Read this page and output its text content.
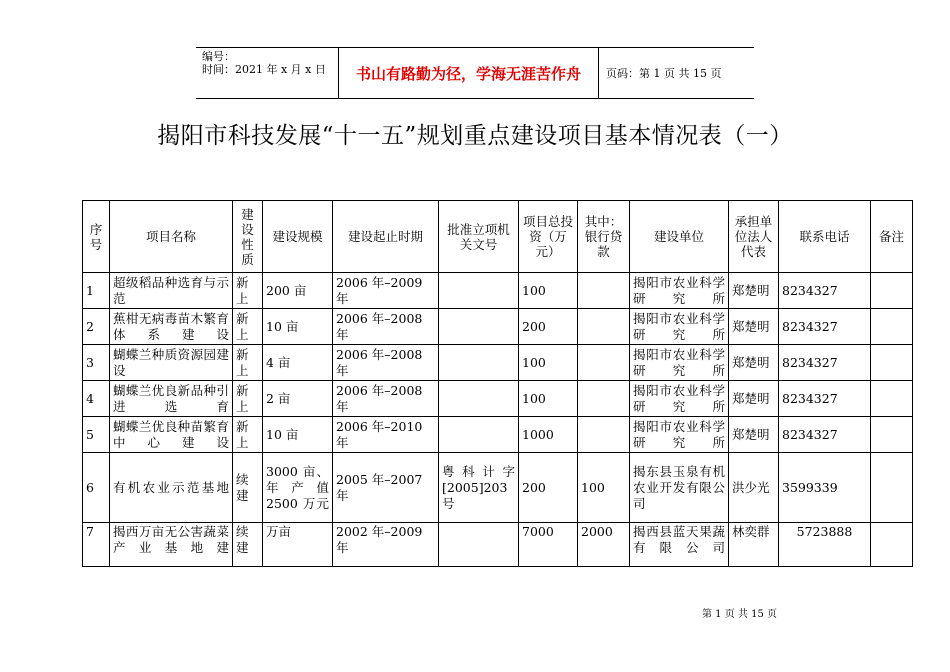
编号：
时间：2021 年 x 月 x 日	书山有路勤为径，学海无涯苦作舟	页码：第 1 页 共 15 页
揭阳市科技发展“十一五”规划重点建设项目基本情况表（一）
序号	项目名称	建设性质	建设规模	建设起止时期	批准立项机关文号	项目总投资（万元）	其中：银行贷款	建设单位	承担单位法人代表	联系电话	备注
1	超级稻品种选育与示范	新上	200 亩	2006 年–2009 年		100		揭阳市农业科学研究所	郑楚明	8234327	
2	蕉柑无病毒苗木繁育体系建设	新上	10 亩	2006 年–2008 年		200		揭阳市农业科学研究所	郑楚明	8234327	
3	蝴蝶兰种质资源园建设	新上	4 亩	2006 年–2008 年		100		揭阳市农业科学研究所	郑楚明	8234327	
4	蝴蝶兰优良新品种引进选育	新上	2 亩	2006 年–2008 年		100		揭阳市农业科学研究所	郑楚明	8234327	
5	蝴蝶兰优良种苗繁育中心建设	新上	10 亩	2006 年–2010 年		1000		揭阳市农业科学研究所	郑楚明	8234327	
6	有机农业示范基地	续建	3000 亩、年产值 2500 万元	2005 年–2007 年	粤科计字[2005]203 号	200	100	揭东县玉泉有机农业开发有限公司	洪少光	3599339	
7	揭西万亩无公害蔬菜产业基地建	续建	万亩	2002 年–2009 年		7000	2000	揭西县蓝天果蔬有限公司	林奕群	5723888	
第 1 页 共 15 页
